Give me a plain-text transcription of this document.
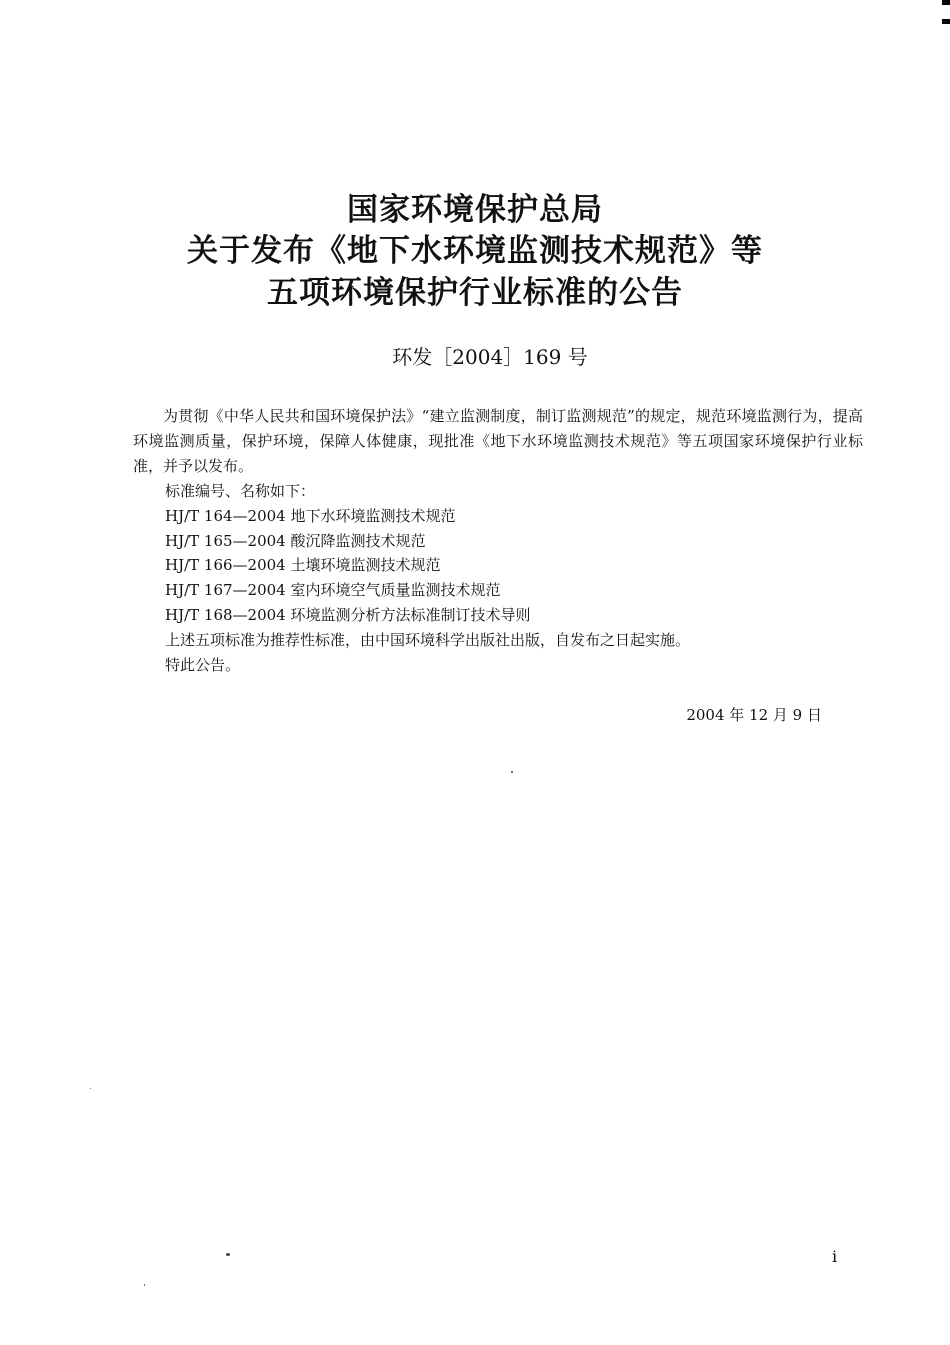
国家环境保护总局
关于发布《地下水环境监测技术规范》等
五项环境保护行业标准的公告
环发［2004］169 号

为贯彻《中华人民共和国环境保护法》“建立监测制度，制订监测规范”的规定，规范环境监测行为，提高环境监测质量，保护环境，保障人体健康，现批准《地下水环境监测技术规范》等五项国家环境保护行业标准，并予以发布。

标准编号、名称如下：
HJ/T 164—2004 地下水环境监测技术规范
HJ/T 165—2004 酸沉降监测技术规范
HJ/T 166—2004 土壤环境监测技术规范
HJ/T 167—2004 室内环境空气质量监测技术规范
HJ/T 168—2004 环境监测分析方法标准制订技术导则
上述五项标准为推荐性标准，由中国环境科学出版社出版，自发布之日起实施。
特此公告。
2004 年 12 月 9 日
i
